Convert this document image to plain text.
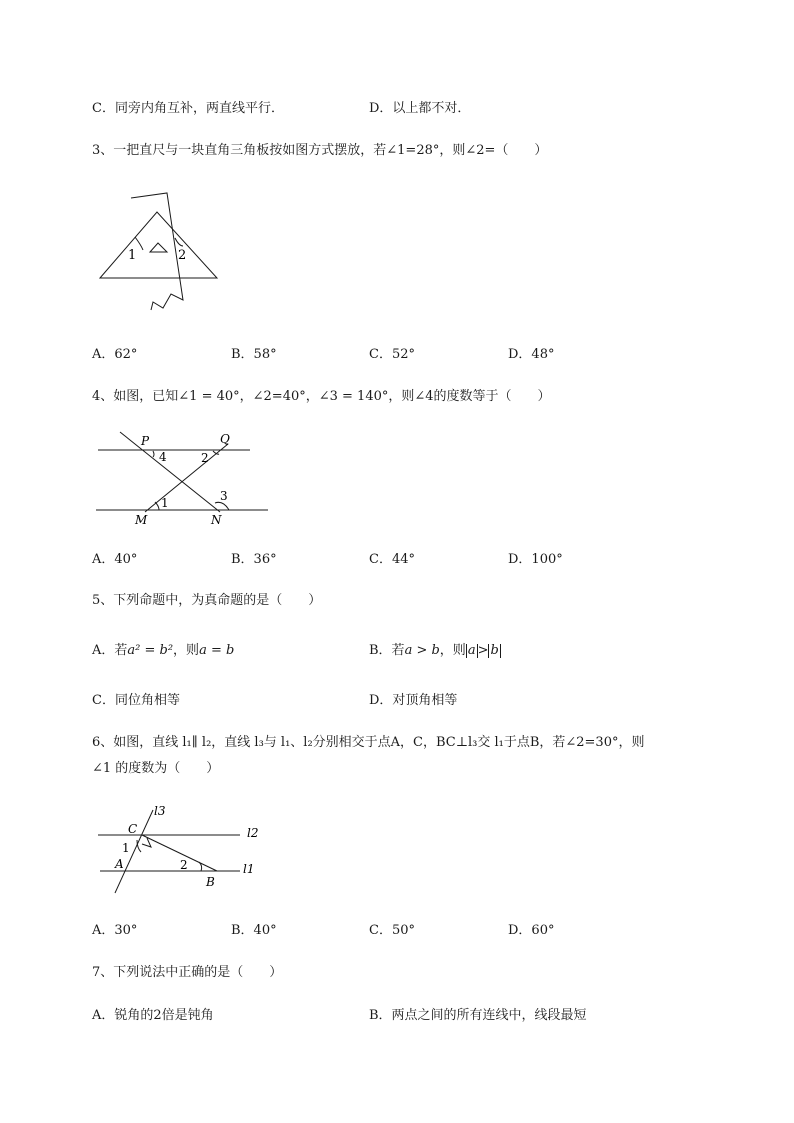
C．同旁内角互补，两直线平行．	D．以上都不对．
3、一把直尺与一块直角三角板按如图方式摆放，若∠1=28°，则∠2=（　　）
1	2
A．62°	B．58°	C．52°	D．48°
4、如图，已知∠1 = 40°，∠2=40°，∠3 = 140°，则∠4的度数等于（　　）
P	Q
M	N
4	2
1	3
A．40°	B．36°	C．44°	D．100°
5、下列命题中，为真命题的是（　　）
A．若a² = b²，则a = b	B．若a > b，则 a > b
C．同位角相等	D．对顶角相等
6、如图，直线 l₁∥ l₂，直线 l₃与 l₁、l₂分别相交于点A，C，BC⊥l₃交 l₁于点B，若∠2=30°，则
∠1 的度数为（　　）
l3
l2
l1
C
A
B
1
2
A．30°	B．40°	C．50°	D．60°
7、下列说法中正确的是（　　）
A．锐角的2倍是钝角	B．两点之间的所有连线中，线段最短
